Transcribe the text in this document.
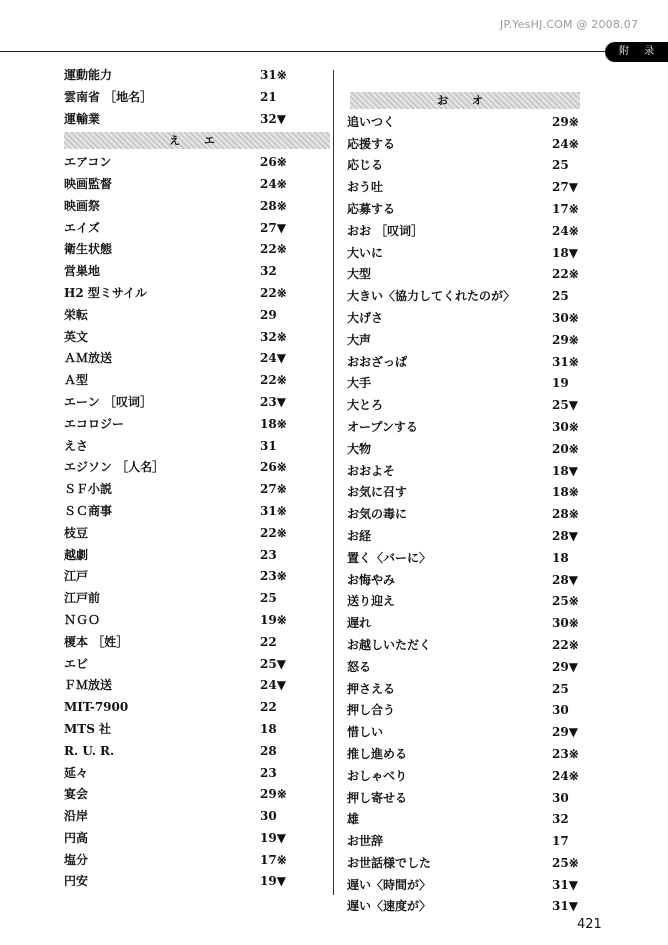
JP.YesHJ.COM @ 2008.07
附 录
運動能力	31※
雲南省 ［地名］	21
運輸業	32▼
え エ
エアコン	26※
映画監督	24※
映画祭	28※
エイズ	27▼
衛生状態	22※
営巣地	32
H2 型ミサイル	22※
栄転	29
英文	32※
ＡＭ放送	24▼
Ａ型	22※
エーン ［叹词］	23▼
エコロジー	18※
えさ	31
エジソン ［人名］	26※
ＳＦ小説	27※
ＳＣ商事	31※
枝豆	22※
越劇	23
江戸	23※
江戸前	25
ＮＧＯ	19※
榎本 ［姓］	22
エビ	25▼
ＦＭ放送	24▼
MIT-7900	22
MTS 社	18
R. U. R.	28
延々	23
宴会	29※
沿岸	30
円高	19▼
塩分	17※
円安	19▼
お オ
追いつく	29※
応援する	24※
応じる	25
おう吐	27▼
応募する	17※
おお ［叹词］	24※
大いに	18▼
大型	22※
大きい〈協力してくれたのが〉	25
大げさ	30※
大声	29※
おおざっぱ	31※
大手	19
大とろ	25▼
オープンする	30※
大物	20※
おおよそ	18▼
お気に召す	18※
お気の毒に	28※
お経	28▼
置く〈バーに〉	18
お悔やみ	28▼
送り迎え	25※
遅れ	30※
お越しいただく	22※
怒る	29▼
押さえる	25
押し合う	30
惜しい	29▼
推し進める	23※
おしゃべり	24※
押し寄せる	30
雄	32
お世辞	17
お世話様でした	25※
遅い〈時間が〉	31▼
遅い〈速度が〉	31▼
421
